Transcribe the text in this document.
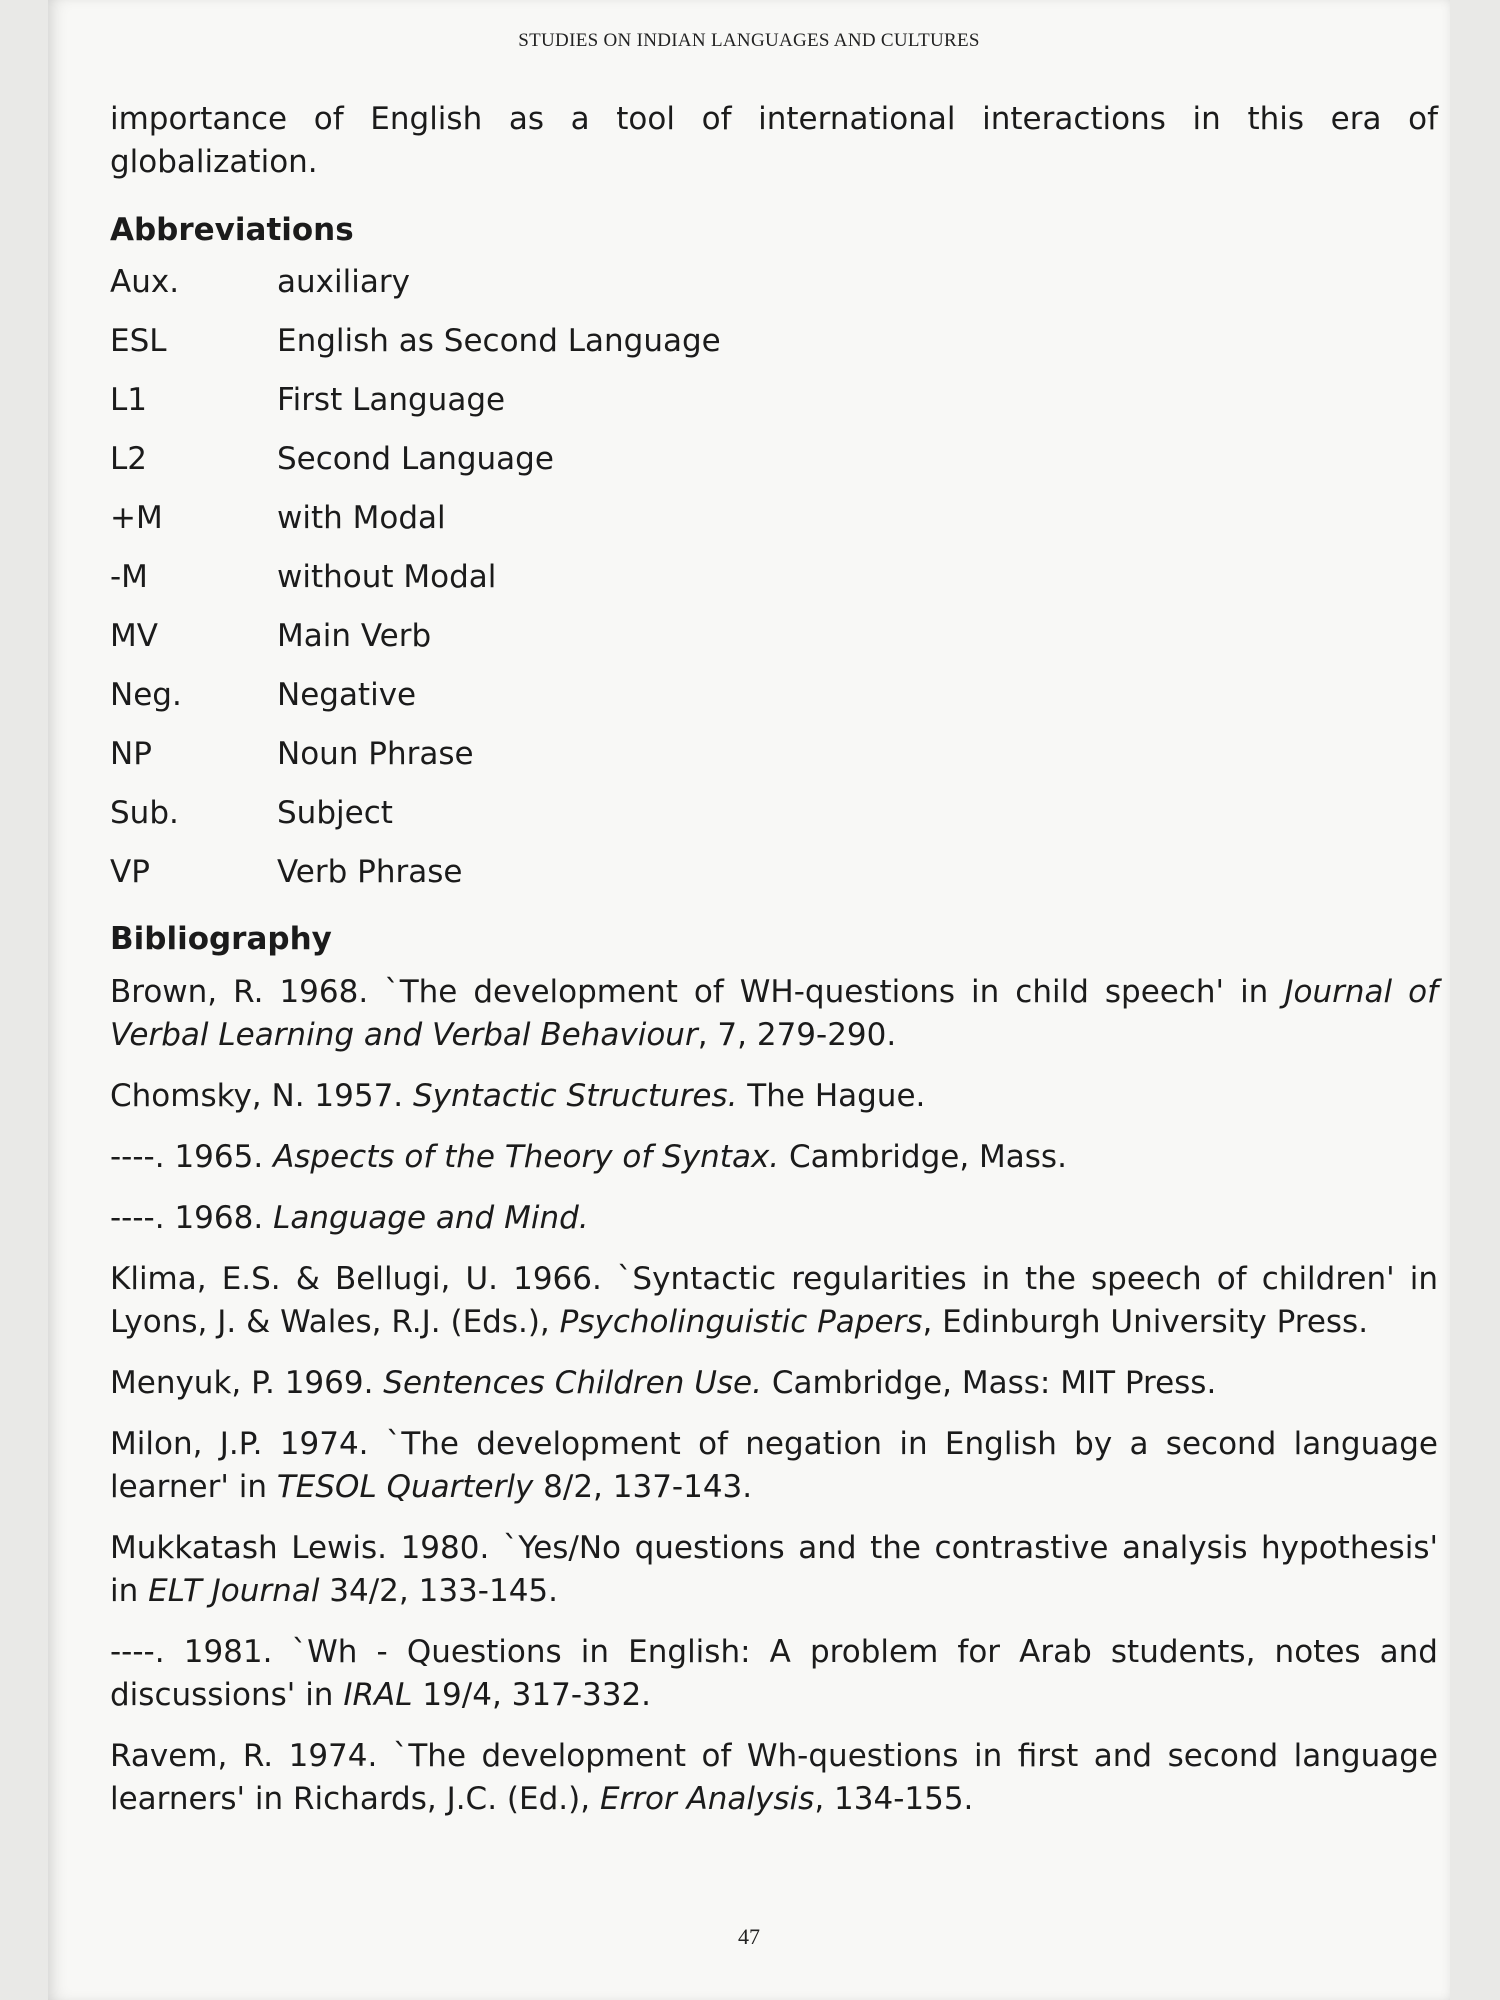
STUDIES ON INDIAN LANGUAGES AND CULTURES

importance of English as a tool of international interactions in this era of globalization.

Abbreviations
Aux.	auxiliary
ESL	English as Second Language
L1	First Language
L2	Second Language
+M	with Modal
-M	without Modal
MV	Main Verb
Neg.	Negative
NP	Noun Phrase
Sub.	Subject
VP	Verb Phrase
Bibliography
Brown, R. 1968. `The development of WH-questions in child speech' in Journal of Verbal Learning and Verbal Behaviour, 7, 279-290.
Chomsky, N. 1957. Syntactic Structures. The Hague.
----. 1965. Aspects of the Theory of Syntax. Cambridge, Mass.
----. 1968. Language and Mind.
Klima, E.S. & Bellugi, U. 1966. `Syntactic regularities in the speech of children' in Lyons, J. & Wales, R.J. (Eds.), Psycholinguistic Papers, Edinburgh University Press.
Menyuk, P. 1969. Sentences Children Use. Cambridge, Mass: MIT Press.
Milon, J.P. 1974. `The development of negation in English by a second language learner' in TESOL Quarterly 8/2, 137-143.
Mukkatash Lewis. 1980. `Yes/No questions and the contrastive analysis hypothesis' in ELT Journal 34/2, 133-145.
----. 1981. `Wh - Questions in English: A problem for Arab students, notes and discussions' in IRAL 19/4, 317-332.
Ravem, R. 1974. `The development of Wh-questions in first and second language learners' in Richards, J.C. (Ed.), Error Analysis, 134-155.
47
